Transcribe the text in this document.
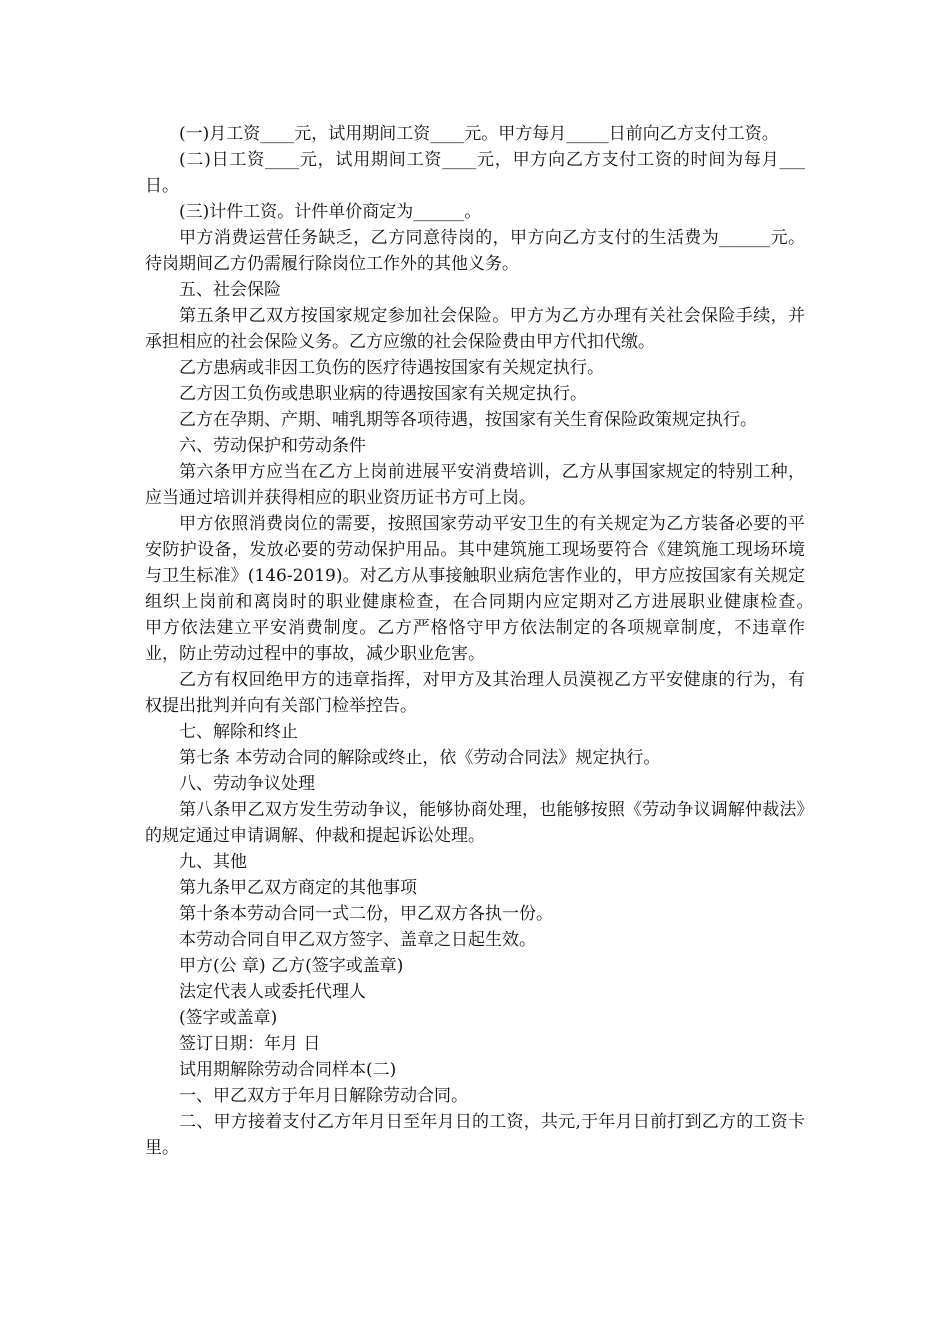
(一)月工资____元，试用期间工资____元。甲方每月_____日前向乙方支付工资。

(二)日工资____元，试用期间工资____元，甲方向乙方支付工资的时间为每月___日。

(三)计件工资。计件单价商定为______。

甲方消费运营任务缺乏，乙方同意待岗的，甲方向乙方支付的生活费为______元。待岗期间乙方仍需履行除岗位工作外的其他义务。

五、社会保险

第五条甲乙双方按国家规定参加社会保险。甲方为乙方办理有关社会保险手续，并承担相应的社会保险义务。乙方应缴的社会保险费由甲方代扣代缴。

乙方患病或非因工负伤的医疗待遇按国家有关规定执行。

乙方因工负伤或患职业病的待遇按国家有关规定执行。

乙方在孕期、产期、哺乳期等各项待遇，按国家有关生育保险政策规定执行。

六、劳动保护和劳动条件

第六条甲方应当在乙方上岗前进展平安消费培训，乙方从事国家规定的特别工种，应当通过培训并获得相应的职业资历证书方可上岗。

甲方依照消费岗位的需要，按照国家劳动平安卫生的有关规定为乙方装备必要的平安防护设备，发放必要的劳动保护用品。其中建筑施工现场要符合《建筑施工现场环境与卫生标准》(146-2019)。对乙方从事接触职业病危害作业的，甲方应按国家有关规定组织上岗前和离岗时的职业健康检查，在合同期内应定期对乙方进展职业健康检查。　　甲方依法建立平安消费制度。乙方严格恪守甲方依法制定的各项规章制度，不违章作业，防止劳动过程中的事故，减少职业危害。

乙方有权回绝甲方的违章指挥，对甲方及其治理人员漠视乙方平安健康的行为，有权提出批判并向有关部门检举控告。

七、解除和终止

第七条 本劳动合同的解除或终止，依《劳动合同法》规定执行。

八、劳动争议处理

第八条甲乙双方发生劳动争议，能够协商处理，也能够按照《劳动争议调解仲裁法》的规定通过申请调解、仲裁和提起诉讼处理。

九、其他

第九条甲乙双方商定的其他事项

第十条本劳动合同一式二份，甲乙双方各执一份。

本劳动合同自甲乙双方签字、盖章之日起生效。

甲方(公 章) 乙方(签字或盖章)

法定代表人或委托代理人

(签字或盖章)

签订日期：年月 日

试用期解除劳动合同样本(二)

一、甲乙双方于年月日解除劳动合同。

二、甲方接着支付乙方年月日至年月日的工资，共元,于年月日前打到乙方的工资卡里。
